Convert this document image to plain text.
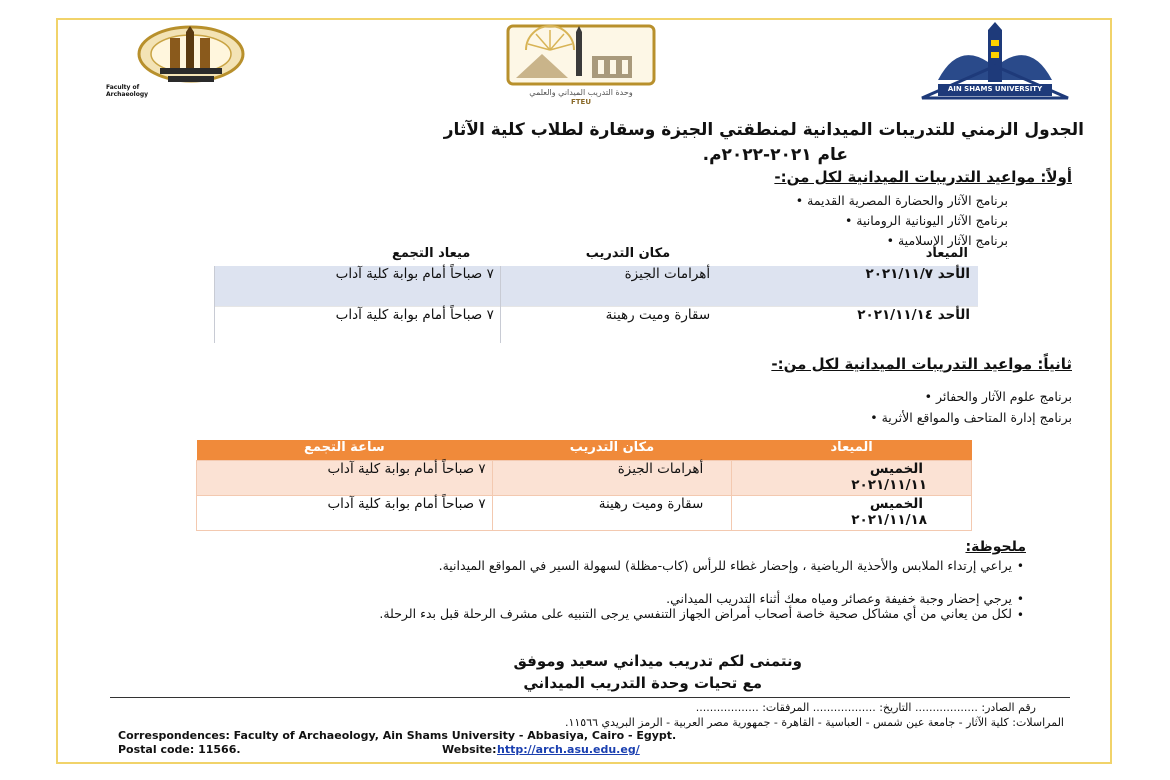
Faculty of Archaeology	وحدة التدريب الميداني والعلمي
FTEU
AIN SHAMS UNIVERSITY
الجدول الزمني للتدريبات الميدانية لمنطقتي الجيزة وسقارة لطلاب كلية الآثار
عام ٢٠٢١-٢٠٢٢م.
أولاً: مواعيد التدريبات الميدانية لكل من:-
برنامج الآثار والحضارة المصرية القديمة •
برنامج الآثار اليونانية الرومانية •
برنامج الآثار الإسلامية •
الميعاد	مكان التدريب	ميعاد التجمع
الأحد ٢٠٢١/١١/٧	أهرامات الجيزة	٧ صباحاً أمام بوابة كلية آداب
الأحد ٢٠٢١/١١/١٤	سقارة وميت رهينة	٧ صباحاً أمام بوابة كلية آداب
ثانياً: مواعيد التدريبات الميدانية لكل من:-
برنامج علوم الآثار والحفائر •
برنامج إدارة المتاحف والمواقع الأثرية •
الميعاد	مكان التدريب	ساعة التجمع

الخميس
٢٠٢١/١١/١١	أهرامات الجيزة	٧ صباحاً أمام بوابة كلية آداب

الخميس
٢٠٢١/١١/١٨	سقارة وميت رهينة	٧ صباحاً أمام بوابة كلية آداب
ملحوظة:
يراعي إرتداء الملابس والأحذية الرياضية ، وإحضار غطاء للرأس (كاب-مظلة) لسهولة السير في المواقع الميدانية.
يرجي إحضار وجبة خفيفة وعصائر ومياه معك أثناء التدريب الميداني.
لكل من يعاني من أي مشاكل صحية خاصة أصحاب أمراض الجهاز التنفسي يرجى التنبيه على مشرف الرحلة قبل بدء الرحلة.
•
•
•
ونتمنى لكم تدريب ميداني سعيد وموفق
مع تحيات وحدة التدريب الميداني
رقم الصادر: .................. التاريخ: .................. المرفقات: ..................
المراسلات: كلية الآثار - جامعة عين شمس - العباسية - القاهرة - جمهورية مصر العربية - الرمز البريدي ١١٥٦٦.
Correspondences: Faculty of Archaeology, Ain Shams University - Abbasiya, Cairo - Egypt.
Postal code: 11566.	Website: http://arch.asu.edu.eg/
